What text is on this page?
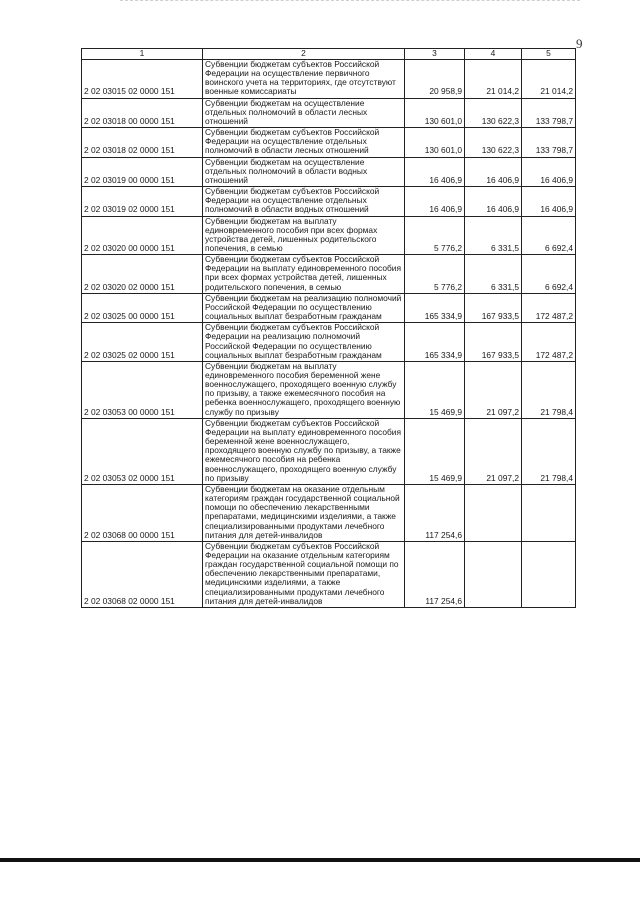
9
1	2	3	4	5
2 02 03015 02 0000 151	Субвенции бюджетам субъектов Российской Федерации на осуществление первичного воинского учета на территориях, где отсутствуют военные комиссариаты	20 958,9	21 014,2	21 014,2
2 02 03018 00 0000 151	Субвенции бюджетам на осуществление отдельных полномочий в области лесных отношений	130 601,0	130 622,3	133 798,7
2 02 03018 02 0000 151	Субвенции бюджетам субъектов Российской Федерации на осуществление отдельных полномочий в области лесных отношений	130 601,0	130 622,3	133 798,7
2 02 03019 00 0000 151	Субвенции бюджетам на осуществление отдельных полномочий в области водных отношений	16 406,9	16 406,9	16 406,9
2 02 03019 02 0000 151	Субвенции бюджетам субъектов Российской Федерации на осуществление отдельных полномочий в области водных отношений	16 406,9	16 406,9	16 406,9
2 02 03020 00 0000 151	Субвенции бюджетам на выплату единовременного пособия при всех формах устройства детей, лишенных родительского попечения, в семью	5 776,2	6 331,5	6 692,4
2 02 03020 02 0000 151	Субвенции бюджетам субъектов Российской Федерации на выплату единовременного пособия при всех формах устройства детей, лишенных родительского попечения, в семью	5 776,2	6 331,5	6 692,4
2 02 03025 00 0000 151	Субвенции бюджетам на реализацию полномочий Российской Федерации по осуществлению социальных выплат безработным гражданам	165 334,9	167 933,5	172 487,2
2 02 03025 02 0000 151	Субвенции бюджетам субъектов Российской Федерации на реализацию полномочий Российской Федерации по осуществлению социальных выплат безработным гражданам	165 334,9	167 933,5	172 487,2
2 02 03053 00 0000 151	Субвенции бюджетам на выплату единовременного пособия беременной жене военнослужащего, проходящего военную службу по призыву, а также ежемесячного пособия на ребенка военнослужащего, проходящего военную службу по призыву	15 469,9	21 097,2	21 798,4
2 02 03053 02 0000 151	Субвенции бюджетам субъектов Российской Федерации на выплату единовременного пособия беременной жене военнослужащего, проходящего военную службу по призыву, а также ежемесячного пособия на ребенка военнослужащего, проходящего военную службу по призыву	15 469,9	21 097,2	21 798,4
2 02 03068 00 0000 151	Субвенции бюджетам на оказание отдельным категориям граждан государственной социальной помощи по обеспечению лекарственными препаратами, медицинскими изделиями, а также специализированными продуктами лечебного питания для детей-инвалидов	117 254,6		
2 02 03068 02 0000 151	Субвенции бюджетам субъектов Российской Федерации на оказание отдельным категориям граждан государственной социальной помощи по обеспечению лекарственными препаратами, медицинскими изделиями, а также специализированными продуктами лечебного питания для детей-инвалидов	117 254,6		
